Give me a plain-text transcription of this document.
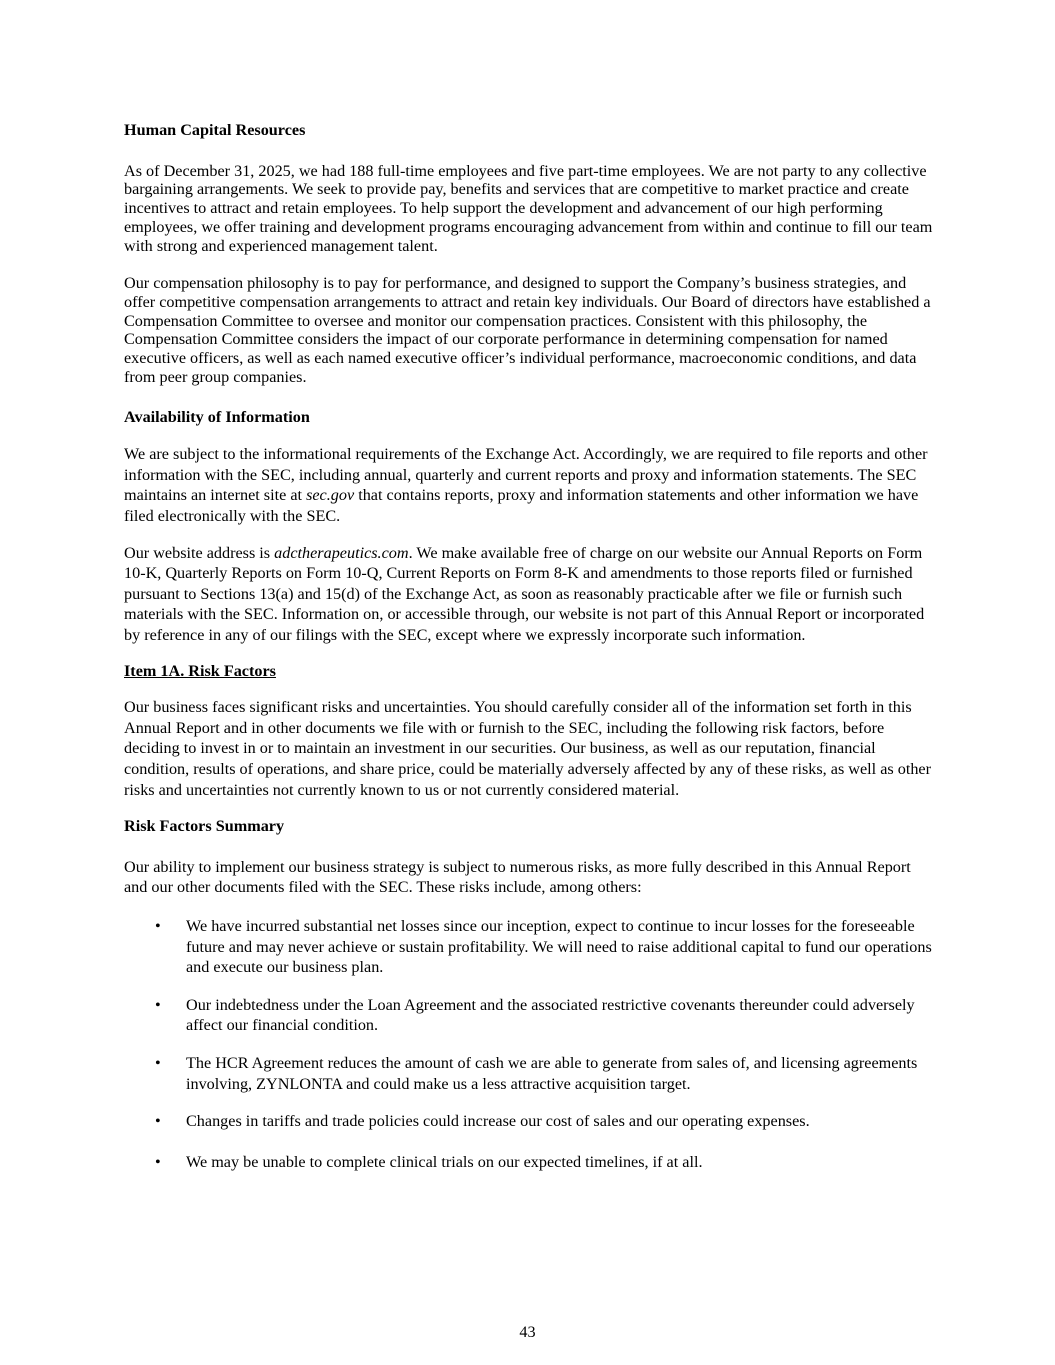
Human Capital Resources

As of December 31, 2025, we had 188 full-time employees and five part-time employees. We are not party to any collective bargaining arrangements. We seek to provide pay, benefits and services that are competitive to market practice and create incentives to attract and retain employees. To help support the development and advancement of our high performing employees, we offer training and development programs encouraging advancement from within and continue to fill our team with strong and experienced management talent.

Our compensation philosophy is to pay for performance, and designed to support the Company’s business strategies, and offer competitive compensation arrangements to attract and retain key individuals. Our Board of directors have established a Compensation Committee to oversee and monitor our compensation practices. Consistent with this philosophy, the Compensation Committee considers the impact of our corporate performance in determining compensation for named executive officers, as well as each named executive officer’s individual performance, macroeconomic conditions, and data from peer group companies.

Availability of Information

We are subject to the informational requirements of the Exchange Act. Accordingly, we are required to file reports and other information with the SEC, including annual, quarterly and current reports and proxy and information statements. The SEC maintains an internet site at sec.gov that contains reports, proxy and information statements and other information we have filed electronically with the SEC.

Our website address is adctherapeutics.com. We make available free of charge on our website our Annual Reports on Form 10-K, Quarterly Reports on Form 10-Q, Current Reports on Form 8-K and amendments to those reports filed or furnished pursuant to Sections 13(a) and 15(d) of the Exchange Act, as soon as reasonably practicable after we file or furnish such materials with the SEC. Information on, or accessible through, our website is not part of this Annual Report or incorporated by reference in any of our filings with the SEC, except where we expressly incorporate such information.

Item 1A. Risk Factors

Our business faces significant risks and uncertainties. You should carefully consider all of the information set forth in this Annual Report and in other documents we file with or furnish to the SEC, including the following risk factors, before deciding to invest in or to maintain an investment in our securities. Our business, as well as our reputation, financial condition, results of operations, and share price, could be materially adversely affected by any of these risks, as well as other risks and uncertainties not currently known to us or not currently considered material.

Risk Factors Summary

Our ability to implement our business strategy is subject to numerous risks, as more fully described in this Annual Report and our other documents filed with the SEC. These risks include, among others:

• We have incurred substantial net losses since our inception, expect to continue to incur losses for the foreseeable future and may never achieve or sustain profitability. We will need to raise additional capital to fund our operations and execute our business plan.
• Our indebtedness under the Loan Agreement and the associated restrictive covenants thereunder could adversely affect our financial condition.
• The HCR Agreement reduces the amount of cash we are able to generate from sales of, and licensing agreements involving, ZYNLONTA and could make us a less attractive acquisition target.
• Changes in tariffs and trade policies could increase our cost of sales and our operating expenses.
• We may be unable to complete clinical trials on our expected timelines, if at all.
43
